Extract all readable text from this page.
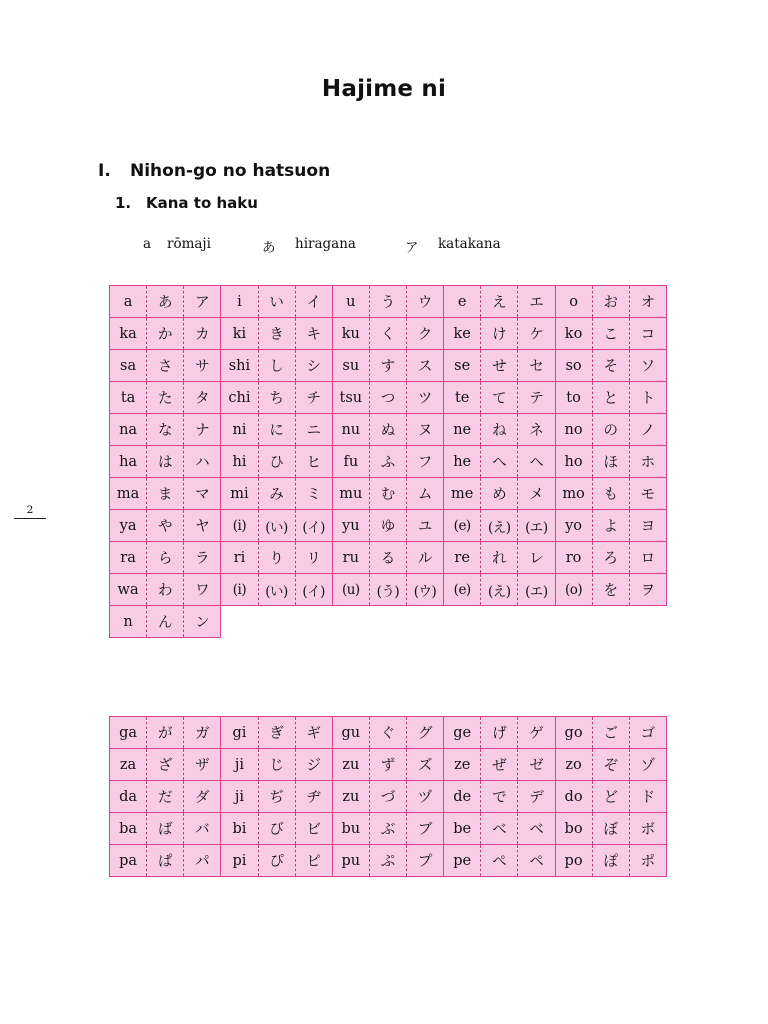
Hajime ni
Ⅰ. Nihon-go no hatsuon
1. Kana to haku
a rōmaji	あ hiragana	ア katakana
2
a	あ	ア	i	い	イ	u	う	ウ	e	え	エ	o	お	オ
ka	か	カ	ki	き	キ	ku	く	ク	ke	け	ケ	ko	こ	コ
sa	さ	サ	shi	し	シ	su	す	ス	se	せ	セ	so	そ	ソ
ta	た	タ	chi	ち	チ	tsu	つ	ツ	te	て	テ	to	と	ト
na	な	ナ	ni	に	ニ	nu	ぬ	ヌ	ne	ね	ネ	no	の	ノ
ha	は	ハ	hi	ひ	ヒ	fu	ふ	フ	he	へ	ヘ	ho	ほ	ホ
ma	ま	マ	mi	み	ミ	mu	む	ム	me	め	メ	mo	も	モ
ya	や	ヤ	(i)	(い)	(イ)	yu	ゆ	ユ	(e)	(え)	(エ)	yo	よ	ヨ
ra	ら	ラ	ri	り	リ	ru	る	ル	re	れ	レ	ro	ろ	ロ
wa	わ	ワ	(i)	(い)	(イ)	(u)	(う)	(ウ)	(e)	(え)	(エ)	(o)	を	ヲ
n	ん	ン												
ga	が	ガ	gi	ぎ	ギ	gu	ぐ	グ	ge	げ	ゲ	go	ご	ゴ
za	ざ	ザ	ji	じ	ジ	zu	ず	ズ	ze	ぜ	ゼ	zo	ぞ	ゾ
da	だ	ダ	ji	ぢ	ヂ	zu	づ	ヅ	de	で	デ	do	ど	ド
ba	ば	バ	bi	び	ビ	bu	ぶ	ブ	be	べ	ベ	bo	ぼ	ボ
pa	ぱ	パ	pi	ぴ	ピ	pu	ぷ	プ	pe	ぺ	ペ	po	ぽ	ポ
